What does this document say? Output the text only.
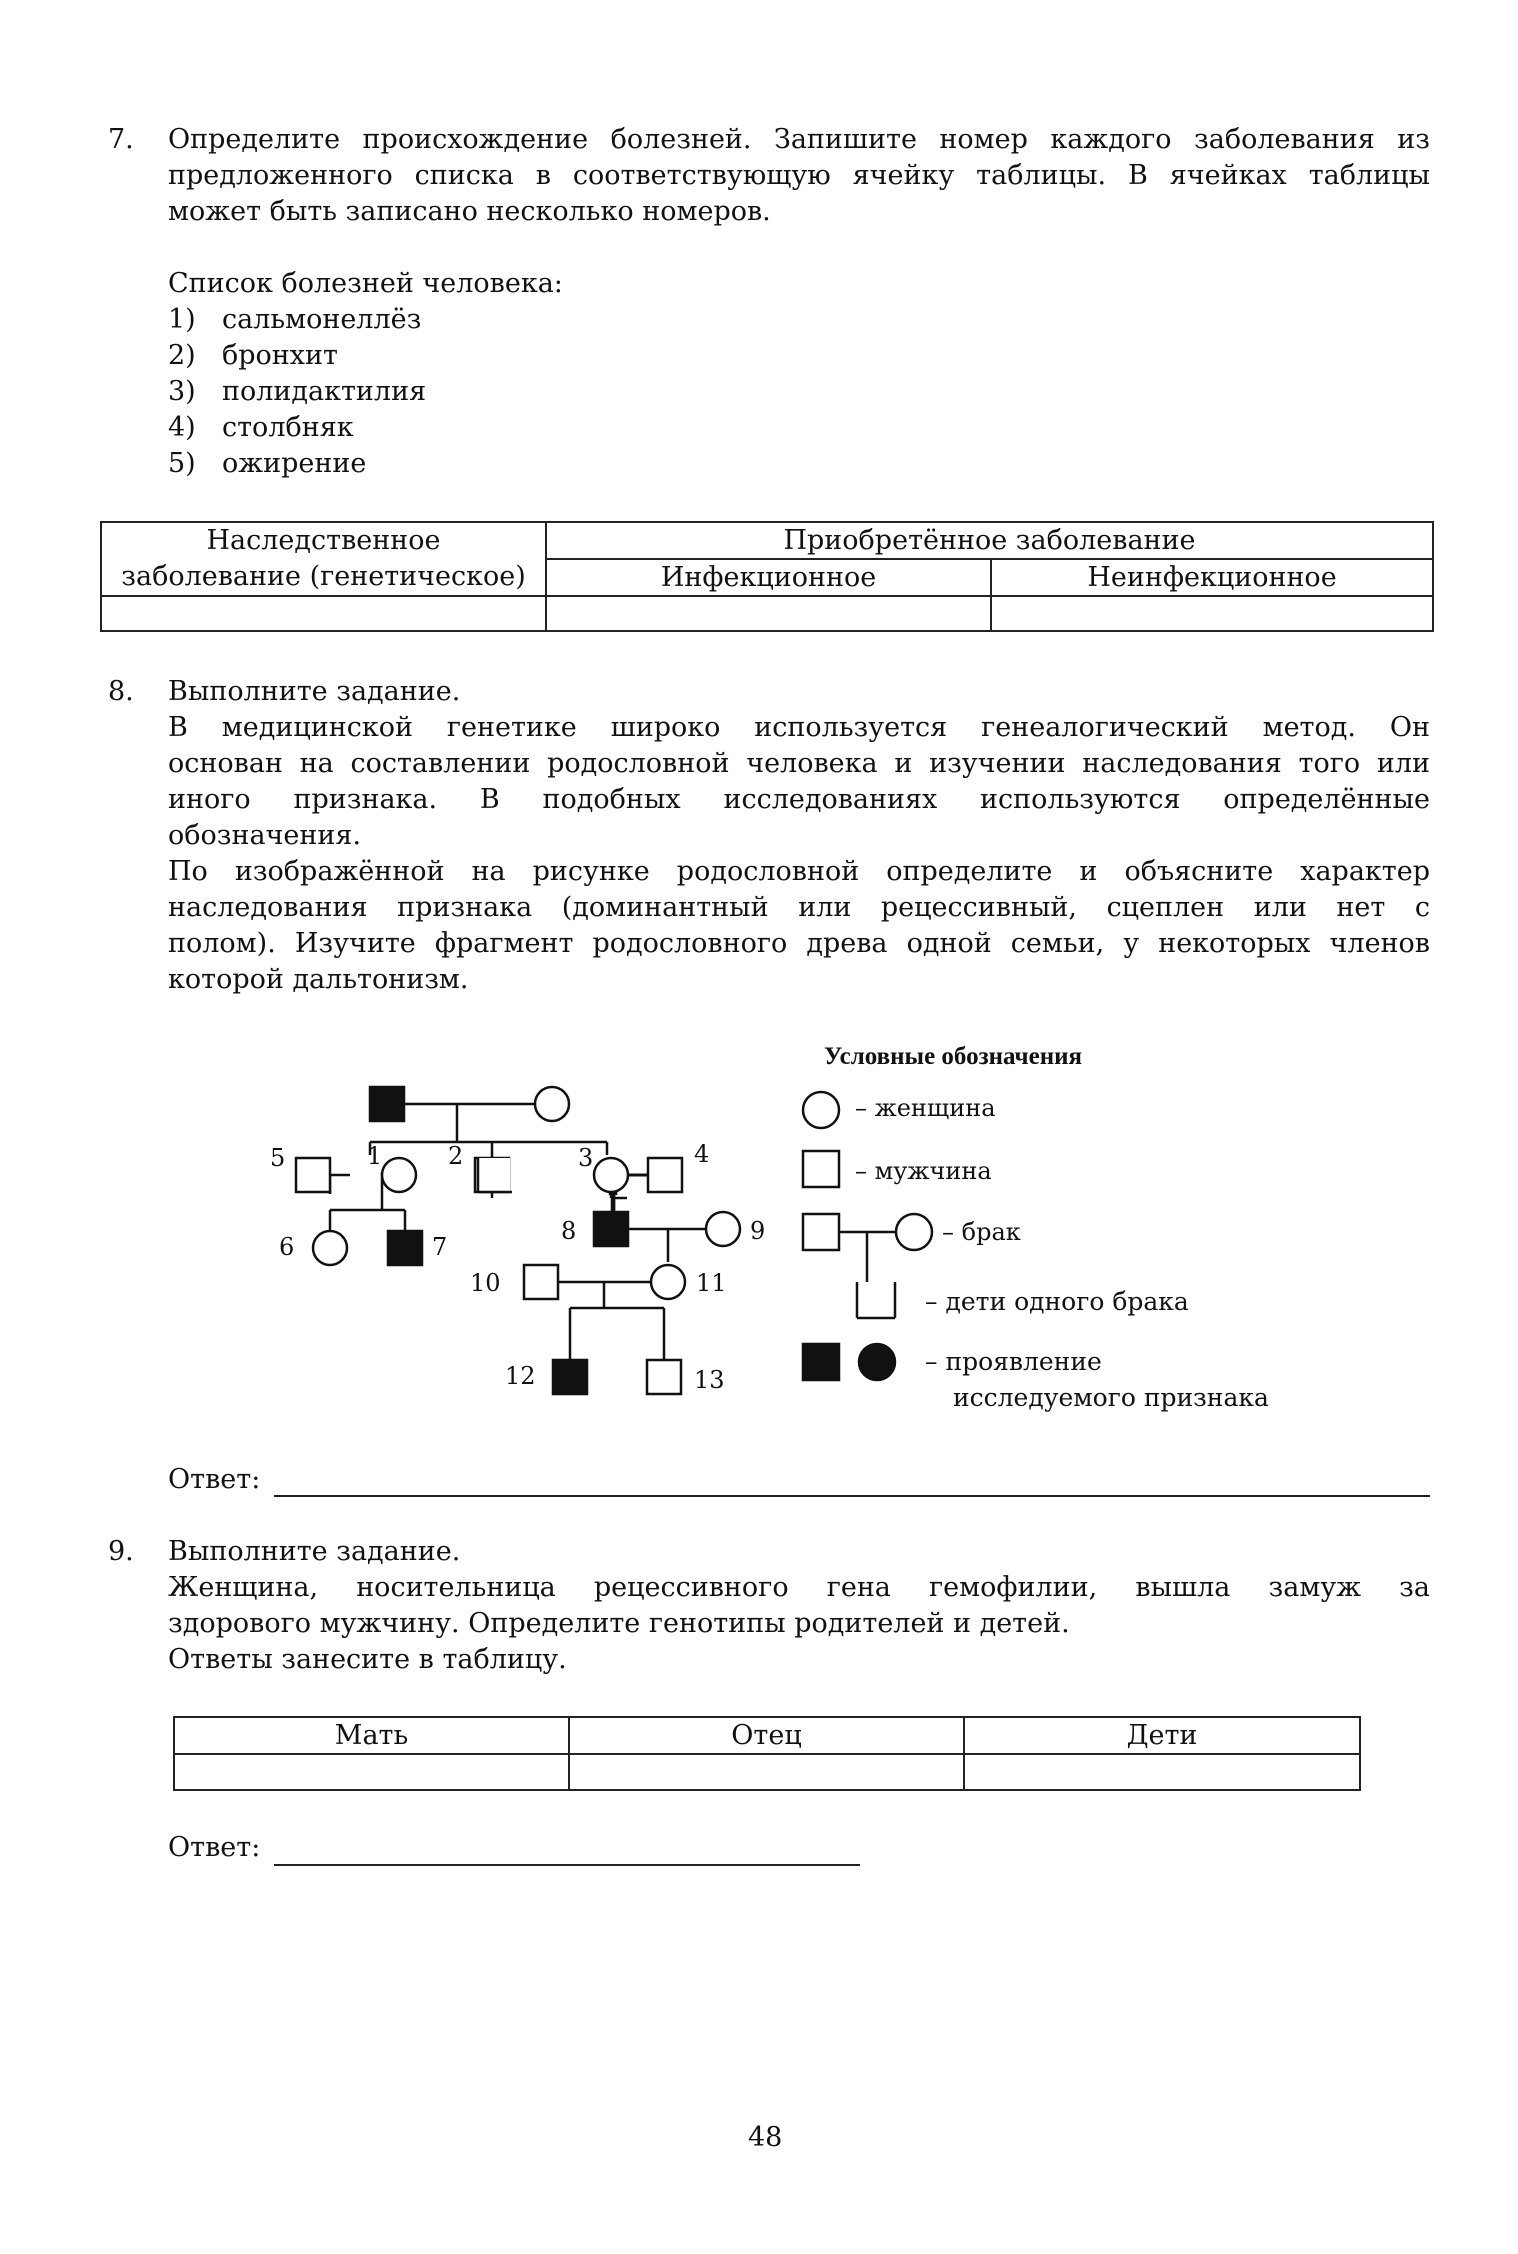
7. Определите происхождение болезней. Запишите номер каждого заболевания из
предложенного списка в соответствующую ячейку таблицы. В ячейках таблицы
может быть записано несколько номеров.
Список болезней человека:
1) сальмонеллёз
2) бронхит
3) полидактилия
4) столбняк
5) ожирение
Наследственное
заболевание (генетическое)	Приобретённое заболевание	
	Инфекционное	Неинфекционное

8. Выполните задание.
В медицинской генетике широко используется генеалогический метод. Он
основан на составлении родословной человека и изучении наследования того или
иного признака. В подобных исследованиях используются определённые
обозначения.
По изображённой на рисунке родословной определите и объясните характер
наследования признака (доминантный или рецессивный, сцеплен или нет с
полом). Изучите фрагмент родословного древа одной семьи, у некоторых членов
которой дальтонизм.
5	1	2	3	4
6	7
8	9
10	11
12	13
Условные обозначения
– женщина
– мужчина
– брак
– дети одного брака
– проявление
исследуемого признака
Ответ:
9. Выполните задание.
Женщина, носительница рецессивного гена гемофилии, вышла замуж за
здорового мужчину. Определите генотипы родителей и детей.
Ответы занесите в таблицу.
Мать	Отец	Дети

Ответ:
48
